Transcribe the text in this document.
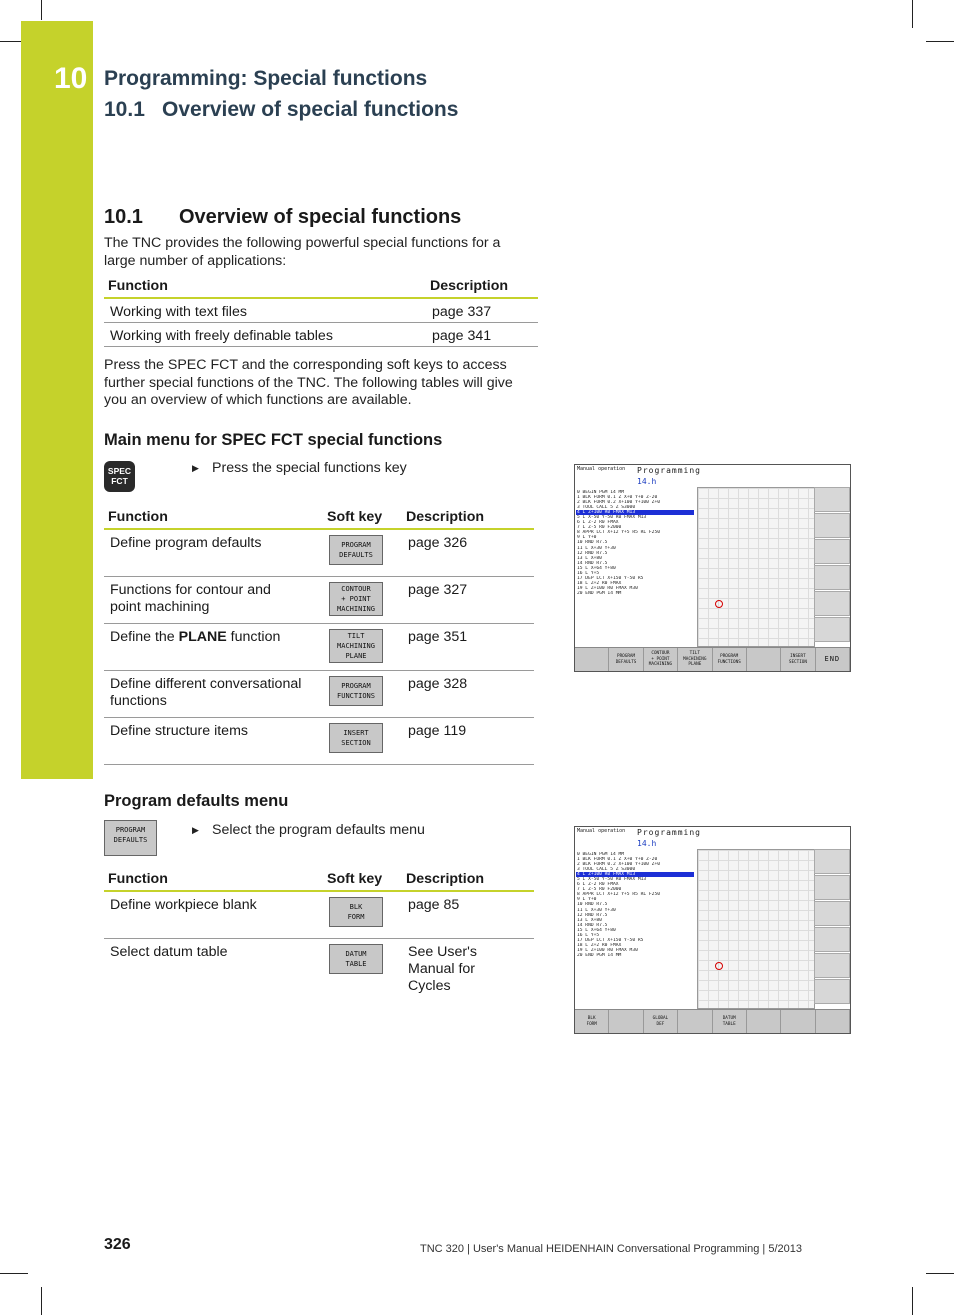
10 Programming: Special functions
10.1 Overview of special functions
10.1 Overview of special functions
The TNC provides the following powerful special functions for a
large number of applications:
Function	Description
Working with text files	page 337
Working with freely definable tables	page 341
Press the SPEC FCT and the corresponding soft keys to access
further special functions of the TNC. The following tables will give
you an overview of which functions are available.
Main menu for SPEC FCT special functions
SPEC
FCT
▶ Press the special functions key
Function	Soft key	Description
Define program defaults	PROGRAM
DEFAULTS	page 326
Functions for contour and
point machining	CONTOUR
+ POINT
MACHINING	page 327
Define the PLANE function	TILT
MACHINING
PLANE	page 351
Define different conversational
functions	PROGRAM
FUNCTIONS	page 328
Define structure items	INSERT
SECTION	page 119
Manual operation Programming
14.h
0 BEGIN PGM 14 MM
1 BLK FORM 0.1 Z X+0 Y+0 Z-20
2 BLK FORM 0.2 X+100 Y+100 Z+0
3 TOOL CALL 5 Z S3000
4 L Z+100 R0 FMAX M13
5 L X-50 Y-50 R0 FMAX M13
6 L Z-2 R0 FMAX
7 L Z-5 R0 F2000
8 APPR LCT X+12 Y+5 R5 RL F250
9 L Y+0
10 RND R7.5
11 L X+30 Y+30
12 RND R7.5
13 L X+80
14 RND R7.5
15 L X+64 Y+80
16 L Y+5
17 DEP LCT X+150 Y-50 R5
18 L Z+2 R0 FMAX
19 L Z+100 R0 FMAX M30
20 END PGM 14 MM
PROGRAM
DEFAULTS
CONTOUR
+ POINT
MACHINING
TILT
MACHINING
PLANE
PROGRAM
FUNCTIONS
INSERT
SECTION	END
Program defaults menu
PROGRAM
DEFAULTS
▶ Select the program defaults menu
Function	Soft key	Description
Define workpiece blank	BLK
FORM	page 85
Select datum table	DATUM
TABLE	See User's
Manual for
Cycles
Manual operation Programming
14.h
0 BEGIN PGM 14 MM
1 BLK FORM 0.1 Z X+0 Y+0 Z-20
2 BLK FORM 0.2 X+100 Y+100 Z+0
3 TOOL CALL 5 Z S3000
4 L Z+100 R0 FMAX M13
5 L X-50 Y-50 R0 FMAX M13
6 L Z-2 R0 FMAX
7 L Z-5 R0 F2000
8 APPR LCT X+12 Y+5 R5 RL F250
9 L Y+0
10 RND R7.5
11 L X+30 Y+30
12 RND R7.5
13 L X+80
14 RND R7.5
15 L X+64 Y+80
16 L Y+5
17 DEP LCT X+150 Y-50 R5
18 L Z+2 R0 FMAX
19 L Z+100 R0 FMAX M30
20 END PGM 14 MM
BLK
FORM
GLOBAL
DEF
DATUM
TABLE
326	TNC 320 | User's Manual HEIDENHAIN Conversational Programming | 5/2013
